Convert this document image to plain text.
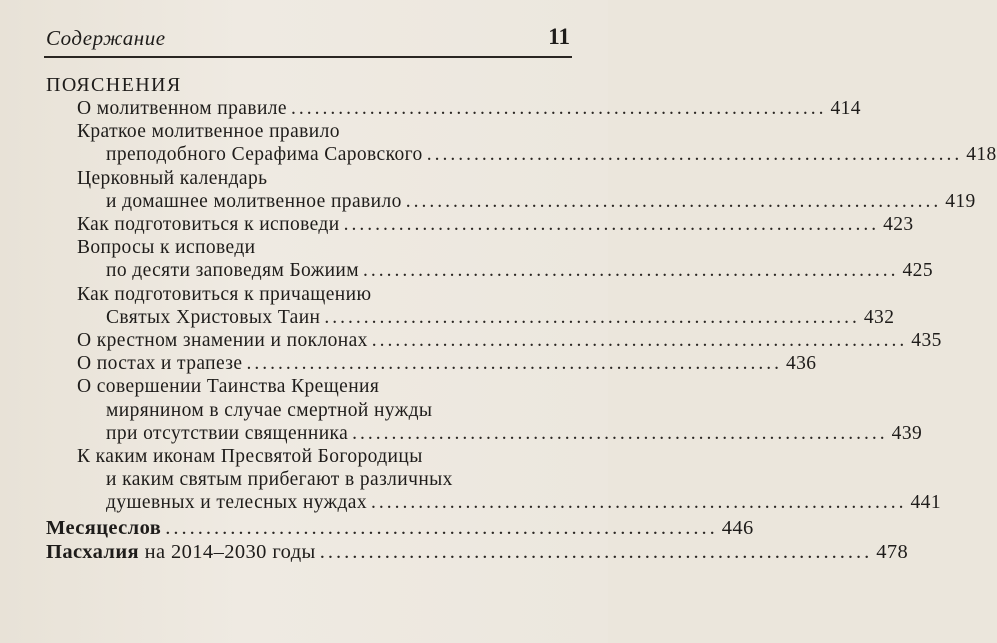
Содержание	11
ПОЯСНЕНИЯ
О молитвенном правиле .................................................................... 414
Краткое молитвенное правило
преподобного Серафима Саровского .................................................................... 418
Церковный календарь
и домашнее молитвенное правило .................................................................... 419
Как подготовиться к исповеди .................................................................... 423
Вопросы к исповеди
по десяти заповедям Божиим .................................................................... 425
Как подготовиться к причащению
Святых Христовых Таин .................................................................... 432
О крестном знамении и поклонах .................................................................... 435
О постах и трапезе .................................................................... 436
О совершении Таинства Крещения
мирянином в случае смертной нужды
при отсутствии священника .................................................................... 439
К каким иконам Пресвятой Богородицы
и каким святым прибегают в различных
душевных и телесных нуждах .................................................................... 441
Месяцеслов .................................................................... 446
Пасхалия на 2014–2030 годы .................................................................... 478
